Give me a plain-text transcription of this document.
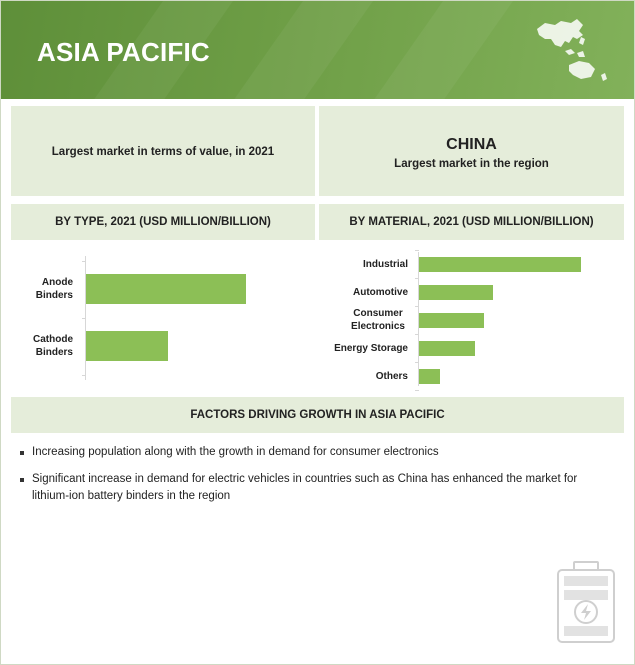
ASIA PACIFIC
Largest market in terms of value, in 2021	CHINA
Largest market in the region
BY TYPE, 2021 (USD MILLION/BILLION)	BY MATERIAL, 2021 (USD MILLION/BILLION)
Anode
Binders
Cathode
Binders
Industrial
Automotive
Consumer
Electronics
Energy Storage
Others
FACTORS DRIVING GROWTH IN ASIA PACIFIC
Increasing population along with the growth in demand for consumer electronics
Significant increase in demand for electric vehicles in countries such as China has enhanced the market for lithium-ion battery binders in the region
